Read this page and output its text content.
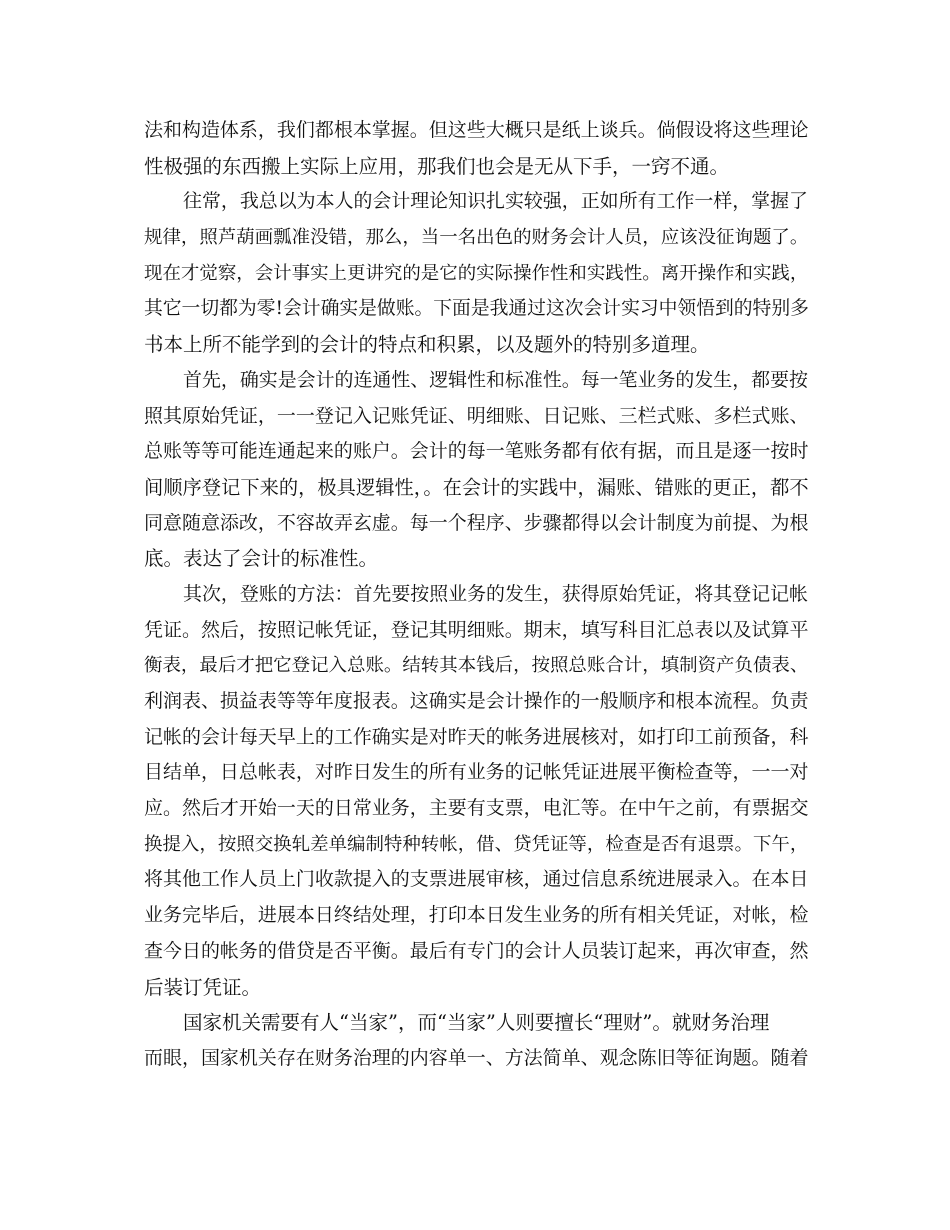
法和构造体系，我们都根本掌握。但这些大概只是纸上谈兵。倘假设将这些理论
性极强的东西搬上实际上应用，那我们也会是无从下手，一窍不通。
往常，我总以为本人的会计理论知识扎实较强，正如所有工作一样，掌握了
规律，照芦葫画瓢准没错，那么，当一名出色的财务会计人员，应该没征询题了。
现在才觉察，会计事实上更讲究的是它的实际操作性和实践性。离开操作和实践，
其它一切都为零!会计确实是做账。下面是我通过这次会计实习中领悟到的特别多
书本上所不能学到的会计的特点和积累，以及题外的特别多道理。
首先，确实是会计的连通性、逻辑性和标准性。每一笔业务的发生，都要按
照其原始凭证，一一登记入记账凭证、明细账、日记账、三栏式账、多栏式账、
总账等等可能连通起来的账户。会计的每一笔账务都有依有据，而且是逐一按时
间顺序登记下来的，极具逻辑性，。在会计的实践中，漏账、错账的更正，都不
同意随意添改，不容故弄玄虚。每一个程序、步骤都得以会计制度为前提、为根
底。表达了会计的标准性。
其次，登账的方法：首先要按照业务的发生，获得原始凭证，将其登记记帐
凭证。然后，按照记帐凭证，登记其明细账。期末，填写科目汇总表以及试算平
衡表，最后才把它登记入总账。结转其本钱后，按照总账合计，填制资产负债表、
利润表、损益表等等年度报表。这确实是会计操作的一般顺序和根本流程。负责
记帐的会计每天早上的工作确实是对昨天的帐务进展核对，如打印工前预备，科
目结单，日总帐表，对昨日发生的所有业务的记帐凭证进展平衡检查等，一一对
应。然后才开始一天的日常业务，主要有支票，电汇等。在中午之前，有票据交
换提入，按照交换轧差单编制特种转帐，借、贷凭证等，检查是否有退票。下午，
将其他工作人员上门收款提入的支票进展审核，通过信息系统进展录入。在本日
业务完毕后，进展本日终结处理，打印本日发生业务的所有相关凭证，对帐，检
查今日的帐务的借贷是否平衡。最后有专门的会计人员装订起来，再次审查，然
后装订凭证。
国家机关需要有人“当家”，而“当家”人则要擅长“理财”。就财务治理
而眼，国家机关存在财务治理的内容单一、方法简单、观念陈旧等征询题。随着
